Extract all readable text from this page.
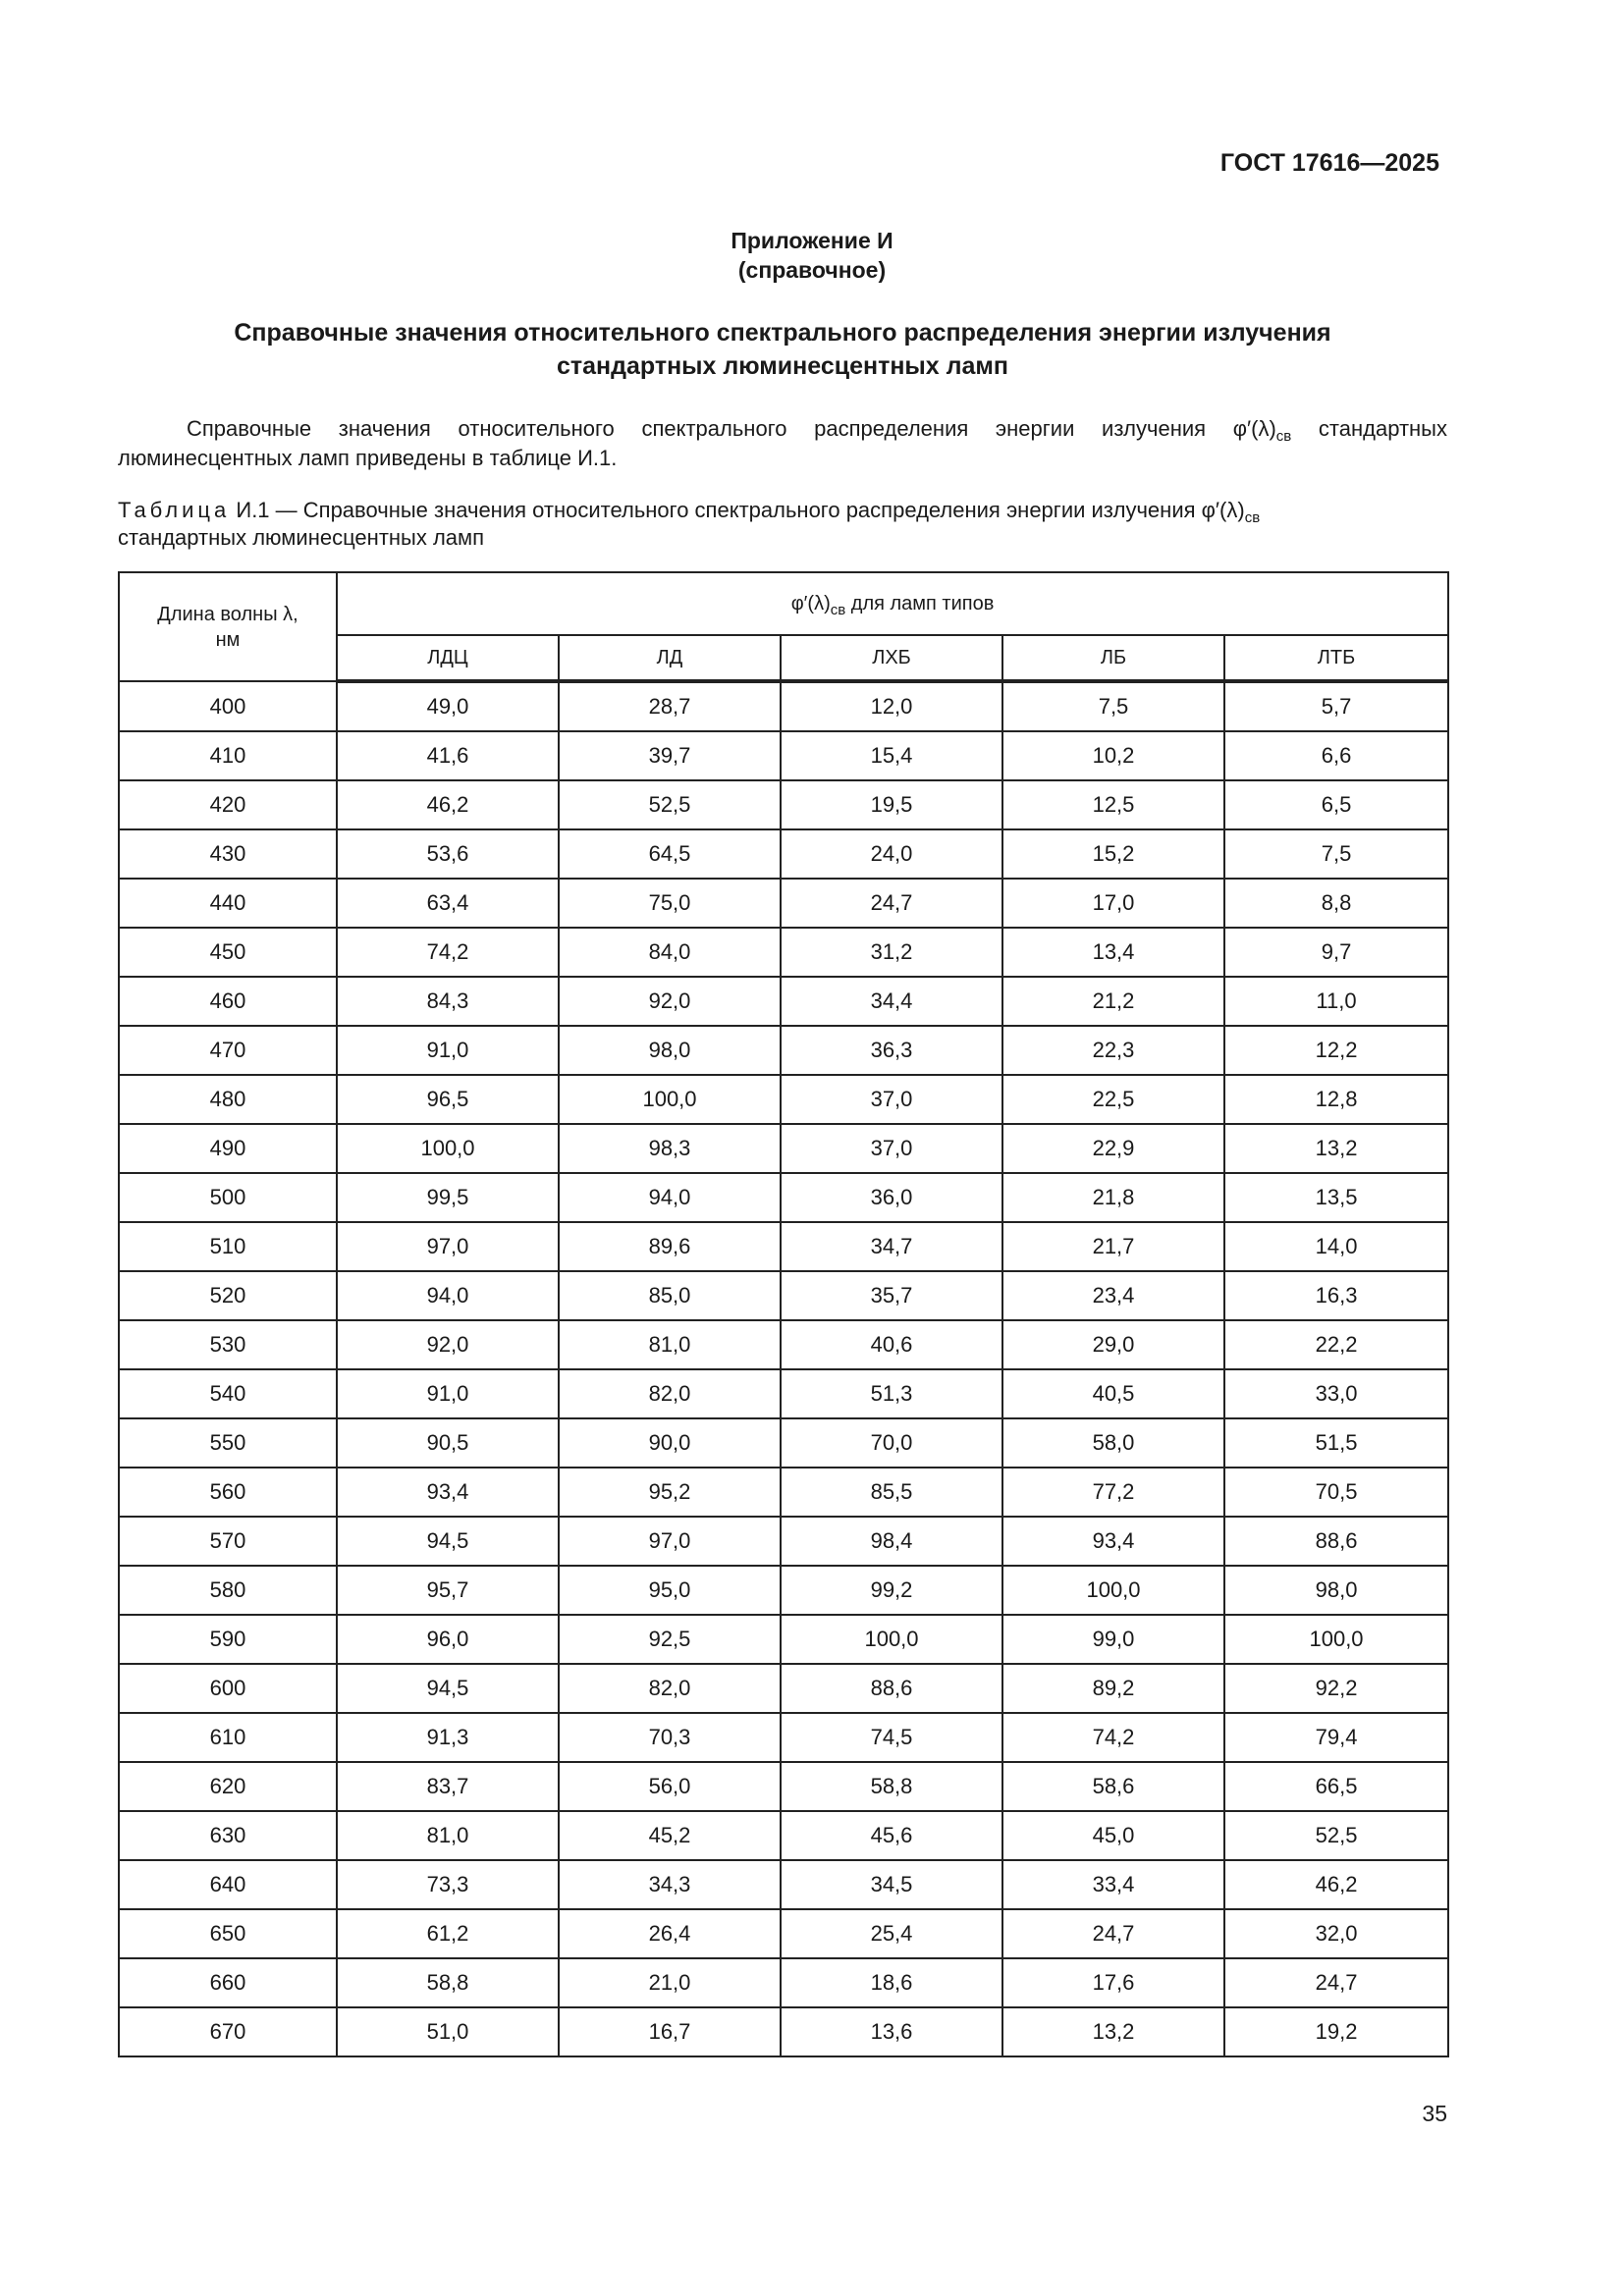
ГОСТ 17616—2025
Приложение И
(справочное)
Справочные значения относительного спектрального распределения энергии излучения
стандартных люминесцентных ламп
Справочные значения относительного спектрального распределения энергии излучения $\varphi'(\lambda)_{св}$ стандартных люминесцентных ламп приведены в таблице И.1.
Таблица И.1 — Справочные значения относительного спектрального распределения энергии излучения $\varphi'(\lambda)_{св}$
стандартных люминесцентных ламп
Длина волны λ,
нм	$\varphi'(\lambda)_{св}$ для ламп типов				
	ЛДЦ	ЛД	ЛХБ	ЛБ	ЛТБ
400	49,0	28,7	12,0	7,5	5,7
410	41,6	39,7	15,4	10,2	6,6
420	46,2	52,5	19,5	12,5	6,5
430	53,6	64,5	24,0	15,2	7,5
440	63,4	75,0	24,7	17,0	8,8
450	74,2	84,0	31,2	13,4	9,7
460	84,3	92,0	34,4	21,2	11,0
470	91,0	98,0	36,3	22,3	12,2
480	96,5	100,0	37,0	22,5	12,8
490	100,0	98,3	37,0	22,9	13,2
500	99,5	94,0	36,0	21,8	13,5
510	97,0	89,6	34,7	21,7	14,0
520	94,0	85,0	35,7	23,4	16,3
530	92,0	81,0	40,6	29,0	22,2
540	91,0	82,0	51,3	40,5	33,0
550	90,5	90,0	70,0	58,0	51,5
560	93,4	95,2	85,5	77,2	70,5
570	94,5	97,0	98,4	93,4	88,6
580	95,7	95,0	99,2	100,0	98,0
590	96,0	92,5	100,0	99,0	100,0
600	94,5	82,0	88,6	89,2	92,2
610	91,3	70,3	74,5	74,2	79,4
620	83,7	56,0	58,8	58,6	66,5
630	81,0	45,2	45,6	45,0	52,5
640	73,3	34,3	34,5	33,4	46,2
650	61,2	26,4	25,4	24,7	32,0
660	58,8	21,0	18,6	17,6	24,7
670	51,0	16,7	13,6	13,2	19,2
35
